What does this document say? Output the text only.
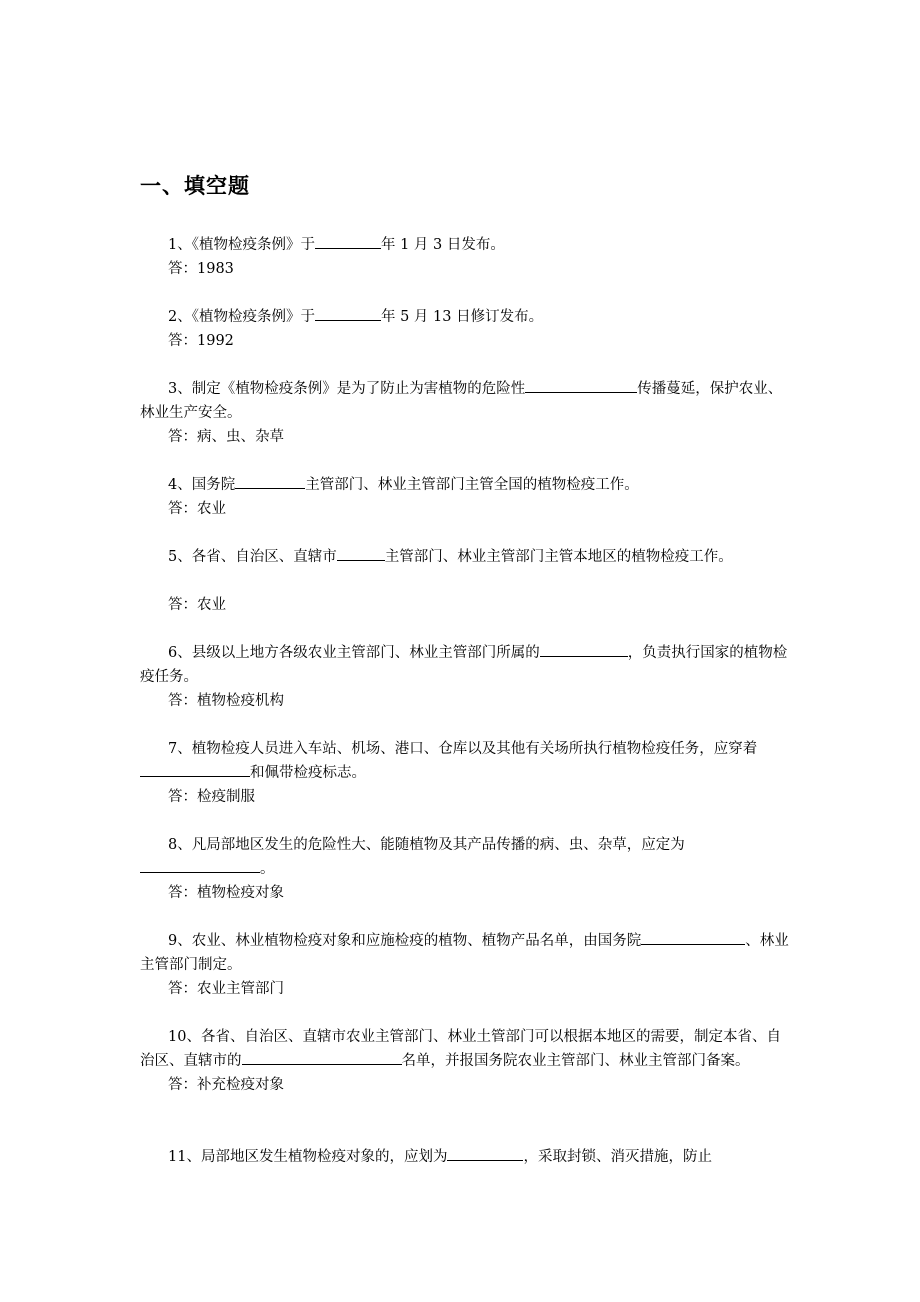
一、填空题

1、《植物检疫条例》于	年 1 月 3 日发布。

答：1983

2、《植物检疫条例》于	年 5 月 13 日修订发布。

答：1992

3、制定《植物检疫条例》是为了防止为害植物的危险性	传播蔓延，保护农业、林业生产安全。

答：病、虫、杂草

4、国务院	主管部门、林业主管部门主管全国的植物检疫工作。

答：农业

5、各省、自治区、直辖市	主管部门、林业主管部门主管本地区的植物检疫工作。

答：农业

6、县级以上地方各级农业主管部门、林业主管部门所属的	，负责执行国家的植物检疫任务。

答：植物检疫机构

7、植物检疫人员进入车站、机场、港口、仓库以及其他有关场所执行植物检疫任务，应穿着和佩带检疫标志。

答：检疫制服

8、凡局部地区发生的危险性大、能随植物及其产品传播的病、虫、杂草，应定为。

答：植物检疫对象

9、农业、林业植物检疫对象和应施检疫的植物、植物产品名单，由国务院	、林业主管部门制定。

答：农业主管部门

10、各省、自治区、直辖市农业主管部门、林业土管部门可以根据本地区的需要，制定本省、自治区、直辖市的	名单，并报国务院农业主管部门、林业主管部门备案。

答：补充检疫对象

11、局部地区发生植物检疫对象的，应划为	，采取封锁、消灭措施，防止
